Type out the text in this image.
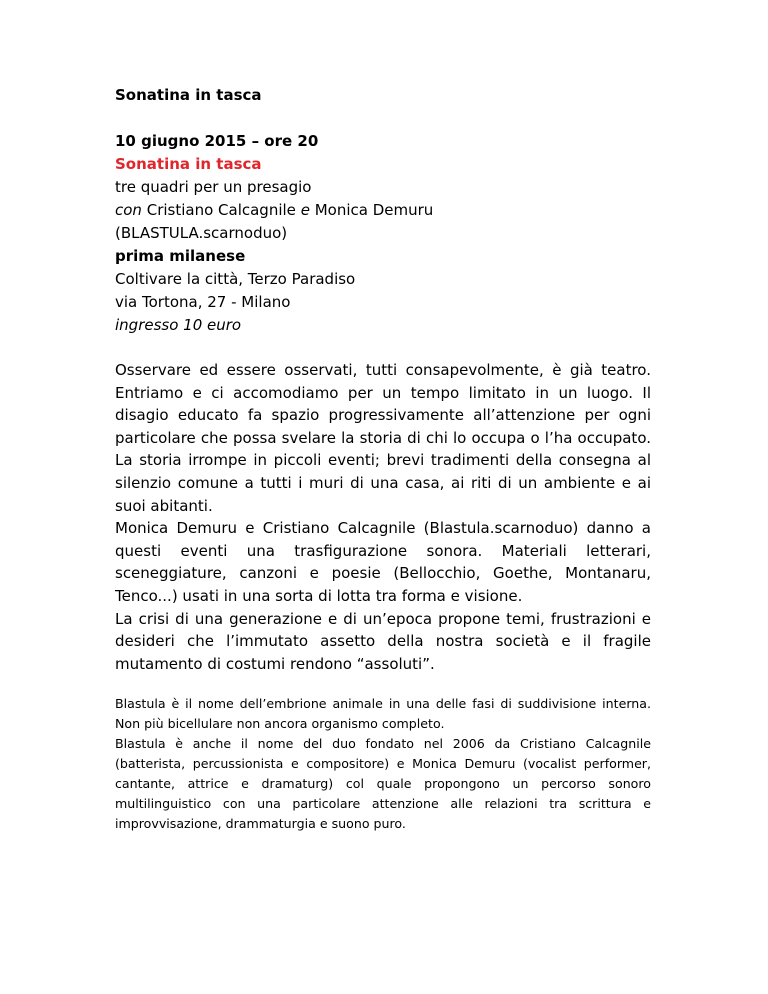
Sonatina in tasca
10 giugno 2015 – ore 20
Sonatina in tasca
tre quadri per un presagio
con Cristiano Calcagnile e Monica Demuru
(BLASTULA.scarnoduo)
prima milanese
Coltivare la città, Terzo Paradiso
via Tortona, 27 - Milano
ingresso 10 euro

Osservare ed essere osservati, tutti consapevolmente, è già teatro. Entriamo e ci accomodiamo per un tempo limitato in un luogo. Il disagio educato fa spazio progressivamente all’attenzione per ogni particolare che possa svelare la storia di chi lo occupa o l’ha occupato. La storia irrompe in piccoli eventi; brevi tradimenti della consegna al silenzio comune a tutti i muri di una casa, ai riti di un ambiente e ai suoi abitanti.

Monica Demuru e Cristiano Calcagnile (Blastula.scarnoduo) danno a questi eventi una trasfigurazione sonora. Materiali letterari, sceneggiature, canzoni e poesie (Bellocchio, Goethe, Montanaru, Tenco...) usati in una sorta di lotta tra forma e visione.

La crisi di una generazione e di un’epoca propone temi, frustrazioni e desideri che l’immutato assetto della nostra società e il fragile mutamento di costumi rendono “assoluti”.

Blastula è il nome dell’embrione animale in una delle fasi di suddivisione interna. Non più bicellulare non ancora organismo completo.

Blastula è anche il nome del duo fondato nel 2006 da Cristiano Calcagnile (batterista, percussionista e compositore) e Monica Demuru (vocalist performer, cantante, attrice e dramaturg) col quale propongono un percorso sonoro multilinguistico con una particolare attenzione alle relazioni tra scrittura e improvvisazione, drammaturgia e suono puro.
